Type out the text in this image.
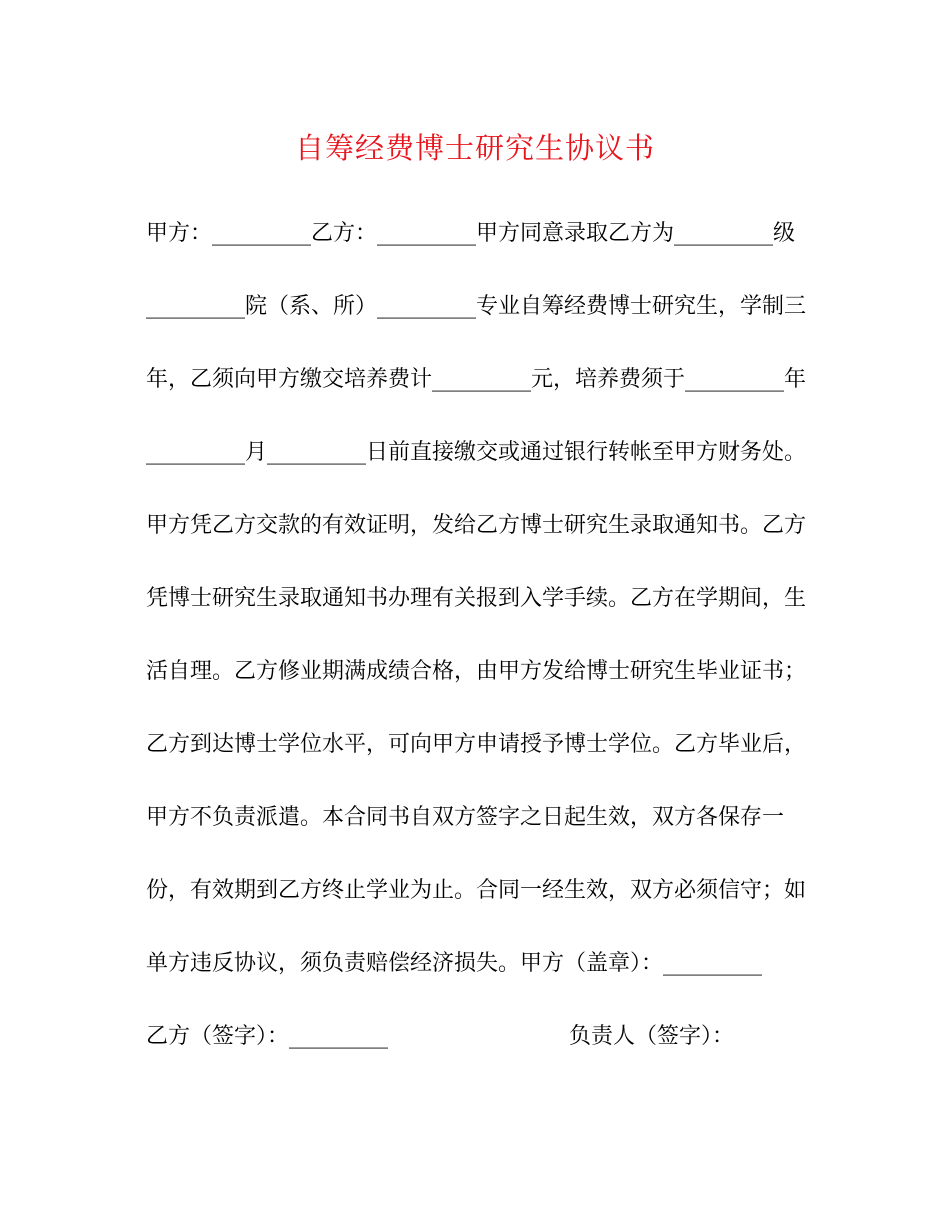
自筹经费博士研究生协议书
甲方：_________乙方：_________甲方同意录取乙方为_________级
_________院（系、所）_________专业自筹经费博士研究生，学制三
年，乙须向甲方缴交培养费计_________元，培养费须于_________年
_________月_________日前直接缴交或通过银行转帐至甲方财务处。
甲方凭乙方交款的有效证明，发给乙方博士研究生录取通知书。乙方
凭博士研究生录取通知书办理有关报到入学手续。乙方在学期间，生
活自理。乙方修业期满成绩合格，由甲方发给博士研究生毕业证书；
乙方到达博士学位水平，可向甲方申请授予博士学位。乙方毕业后，
甲方不负责派遣。本合同书自双方签字之日起生效，双方各保存一
份，有效期到乙方终止学业为止。合同一经生效，双方必须信守；如
单方违反协议，须负责赔偿经济损失。甲方（盖章）：_________
乙方（签字）：_________	负责人（签字）：
